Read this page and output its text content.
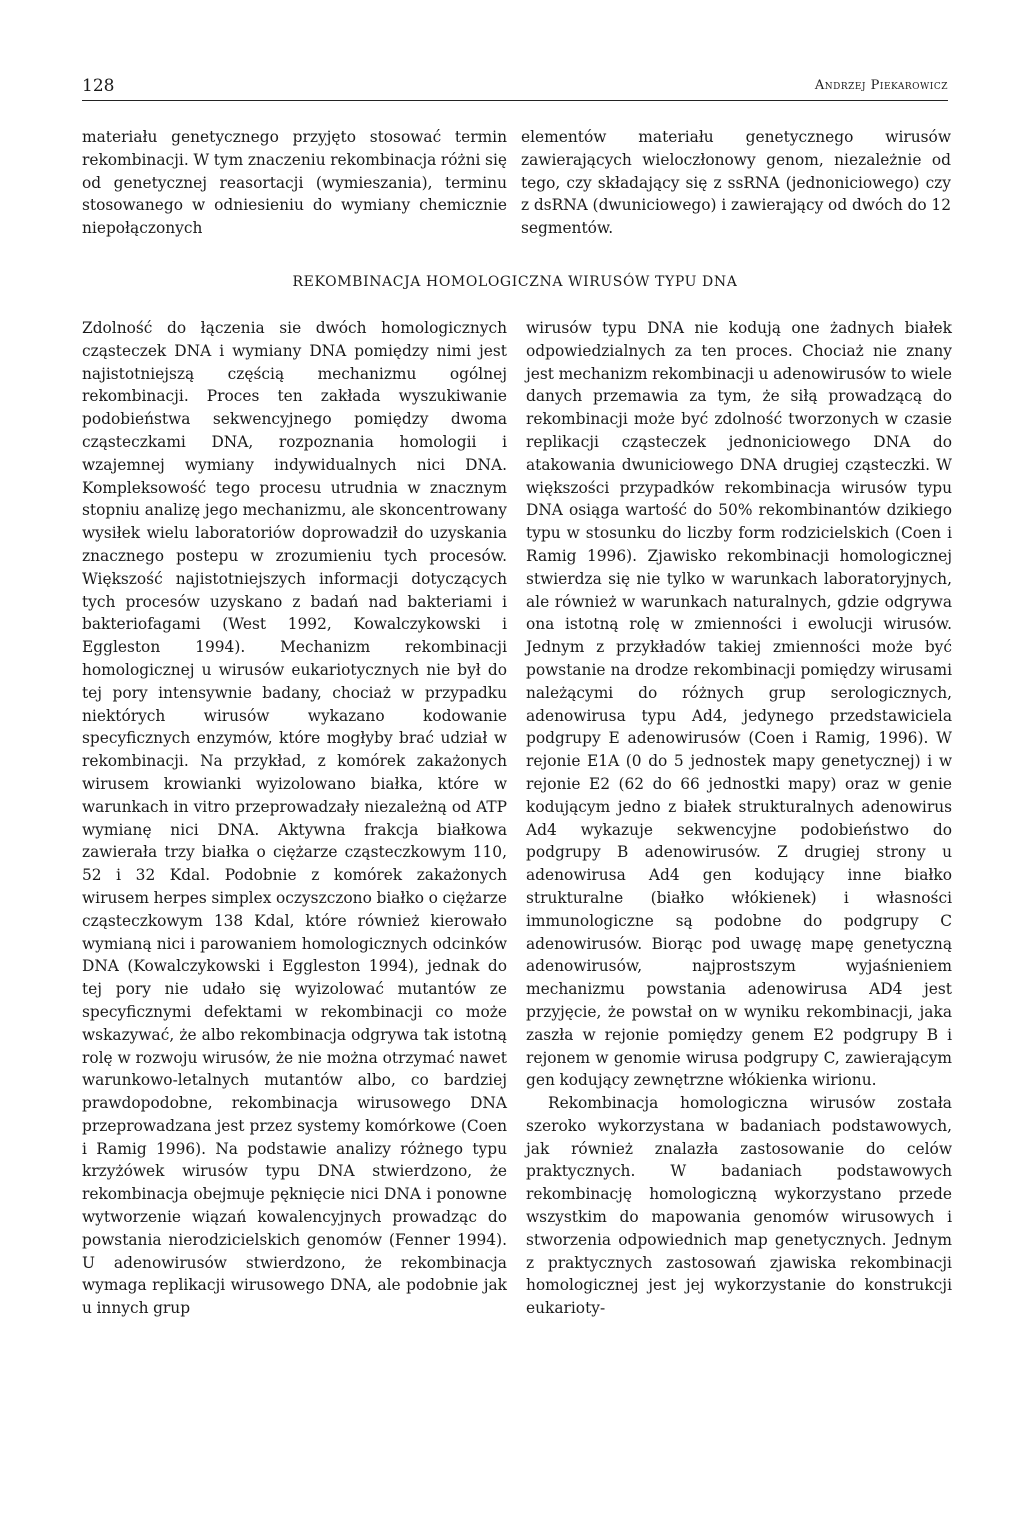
128	Andrzej Piekarowicz

materiału genetycznego przyjęto stosować termin rekombinacji. W tym znaczeniu rekombinacja różni się od genetycznej reasortacji (wymieszania), terminu stosowanego w odniesieniu do wymiany chemicznie niepołączonych

elementów materiału genetycznego wirusów zawierających wieloczłonowy genom, niezależnie od tego, czy składający się z ssRNA (jednoniciowego) czy z dsRNA (dwuniciowego) i zawierający od dwóch do 12 segmentów.

REKOMBINACJA HOMOLOGICZNA WIRUSÓW TYPU DNA

Zdolność do łączenia sie dwóch homologicznych cząsteczek DNA i wymiany DNA pomiędzy nimi jest najistotniejszą częścią mechanizmu ogólnej rekombinacji. Proces ten zakłada wyszukiwanie podobieństwa sekwencyjnego pomiędzy dwoma cząsteczkami DNA, rozpoznania homologii i wzajemnej wymiany indywidualnych nici DNA. Kompleksowość tego procesu utrudnia w znacznym stopniu analizę jego mechanizmu, ale skoncentrowany wysiłek wielu laboratoriów doprowadził do uzyskania znacznego postepu w zrozumieniu tych procesów. Większość najistotniejszych informacji dotyczących tych procesów uzyskano z badań nad bakteriami i bakteriofagami (West 1992, Kowalczykowski i Eggleston 1994). Mechanizm rekombinacji homologicznej u wirusów eukariotycznych nie był do tej pory intensywnie badany, chociaż w przypadku niektórych wirusów wykazano kodowanie specyficznych enzymów, które mogłyby brać udział w rekombinacji. Na przykład, z komórek zakażonych wirusem krowianki wyizolowano białka, które w warunkach in vitro przeprowadzały niezależną od ATP wymianę nici DNA. Aktywna frakcja białkowa zawierała trzy białka o ciężarze cząsteczkowym 110, 52 i 32 Kdal. Podobnie z komórek zakażonych wirusem herpes simplex oczyszczono białko o ciężarze cząsteczkowym 138 Kdal, które również kierowało wymianą nici i parowaniem homologicznych odcinków DNA (Kowalczykowski i Eggleston 1994), jednak do tej pory nie udało się wyizolować mutantów ze specyficznymi defektami w rekombinacji co może wskazywać, że albo rekombinacja odgrywa tak istotną rolę w rozwoju wirusów, że nie można otrzymać nawet warunkowo-letalnych mutantów albo, co bardziej prawdopodobne, rekombinacja wirusowego DNA przeprowadzana jest przez systemy komórkowe (Coen i Ramig 1996). Na podstawie analizy różnego typu krzyżówek wirusów typu DNA stwierdzono, że rekombinacja obejmuje pęknięcie nici DNA i ponowne wytworzenie wiązań kowalencyjnych prowadząc do powstania nierodzicielskich genomów (Fenner 1994). U adenowirusów stwierdzono, że rekombinacja wymaga replikacji wirusowego DNA, ale podobnie jak u innych grup

wirusów typu DNA nie kodują one żadnych białek odpowiedzialnych za ten proces. Chociaż nie znany jest mechanizm rekombinacji u adenowirusów to wiele danych przemawia za tym, że siłą prowadzącą do rekombinacji może być zdolność tworzonych w czasie replikacji cząsteczek jednoniciowego DNA do atakowania dwuniciowego DNA drugiej cząsteczki. W większości przypadków rekombinacja wirusów typu DNA osiąga wartość do 50% rekombinantów dzikiego typu w stosunku do liczby form rodzicielskich (Coen i Ramig 1996). Zjawisko rekombinacji homologicznej stwierdza się nie tylko w warunkach laboratoryjnych, ale również w warunkach naturalnych, gdzie odgrywa ona istotną rolę w zmienności i ewolucji wirusów. Jednym z przykładów takiej zmienności może być powstanie na drodze rekombinacji pomiędzy wirusami należącymi do różnych grup serologicznych, adenowirusa typu Ad4, jedynego przedstawiciela podgrupy E adenowirusów (Coen i Ramig, 1996). W rejonie E1A (0 do 5 jednostek mapy genetycznej) i w rejonie E2 (62 do 66 jednostki mapy) oraz w genie kodującym jedno z białek strukturalnych adenowirus Ad4 wykazuje sekwencyjne podobieństwo do podgrupy B adenowirusów. Z drugiej strony u adenowirusa Ad4 gen kodujący inne białko strukturalne (białko włókienek) i własności immunologiczne są podobne do podgrupy C adenowirusów. Biorąc pod uwagę mapę genetyczną adenowirusów, najprostszym wyjaśnieniem mechanizmu powstania adenowirusa AD4 jest przyjęcie, że powstał on w wyniku rekombinacji, jaka zaszła w rejonie pomiędzy genem E2 podgrupy B i rejonem w genomie wirusa podgrupy C, zawierającym gen kodujący zewnętrzne włókienka wirionu.

Rekombinacja homologiczna wirusów została szeroko wykorzystana w badaniach podstawowych, jak również znalazła zastosowanie do celów praktycznych. W badaniach podstawowych rekombinację homologiczną wykorzystano przede wszystkim do mapowania genomów wirusowych i stworzenia odpowiednich map genetycznych. Jednym z praktycznych zastosowań zjawiska rekombinacji homologicznej jest jej wykorzystanie do konstrukcji eukarioty-
